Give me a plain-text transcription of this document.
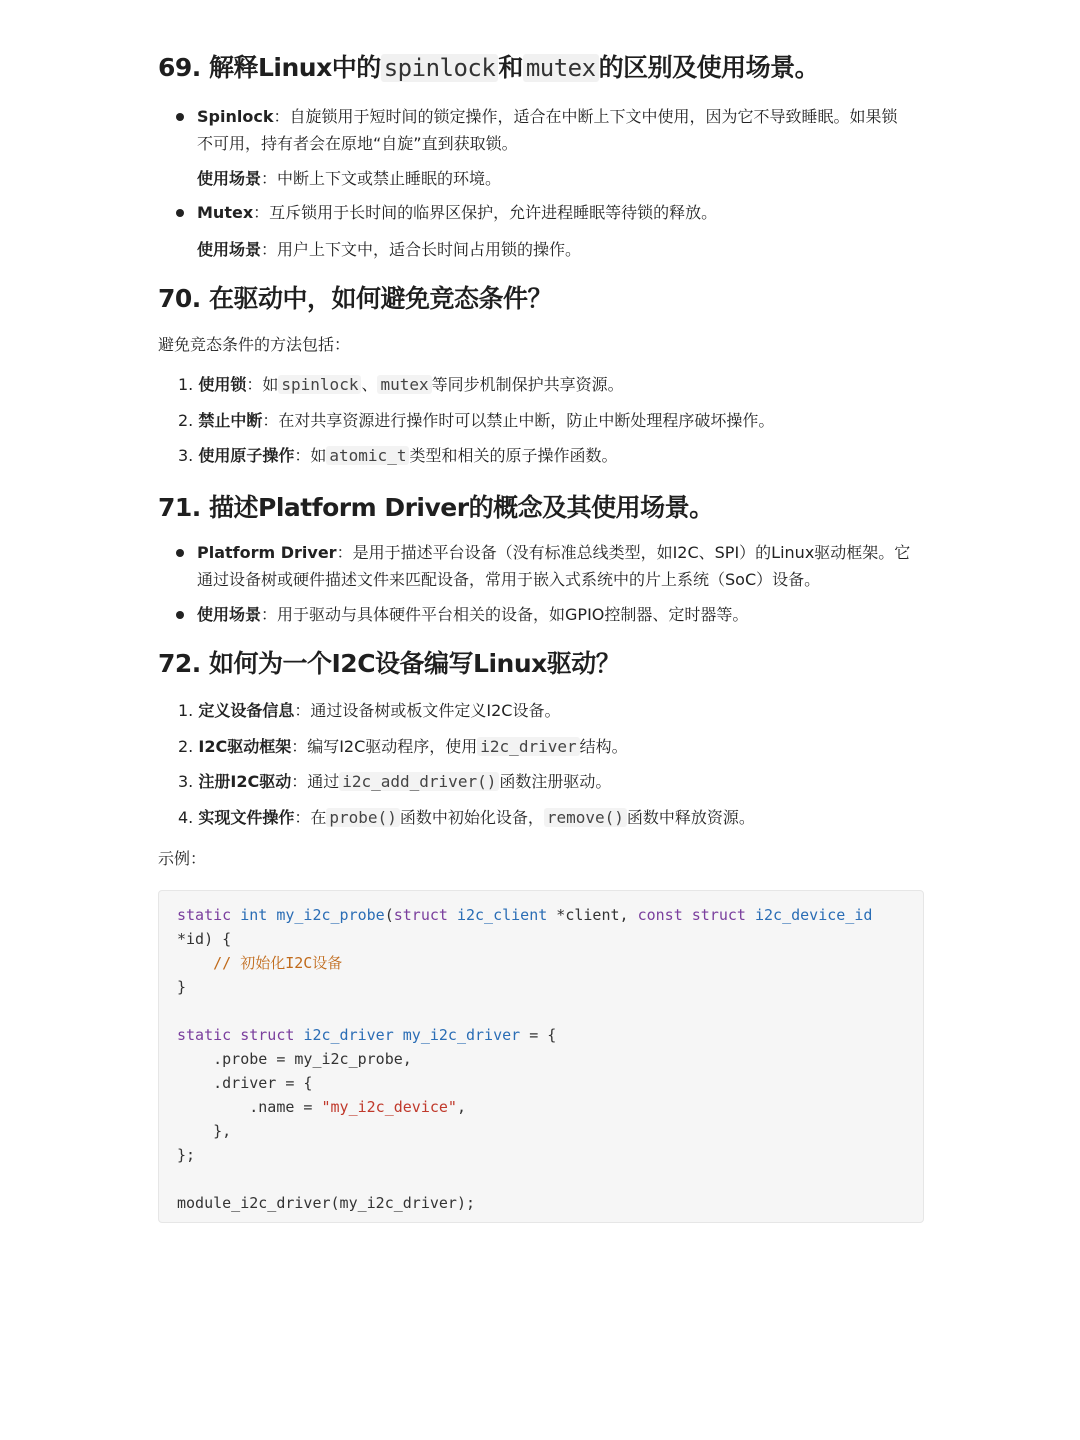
69. 解释Linux中的 spinlock 和 mutex 的区别及使用场景。
Spinlock：自旋锁用于短时间的锁定操作，适合在中断上下文中使用，因为它不导致睡眠。如果锁
不可用，持有者会在原地“自旋”直到获取锁。
使用场景：中断上下文或禁止睡眠的环境。
Mutex：互斥锁用于长时间的临界区保护，允许进程睡眠等待锁的释放。
使用场景：用户上下文中，适合长时间占用锁的操作。
70. 在驱动中，如何避免竞态条件？
避免竞态条件的方法包括：
1. 使用锁：如 spinlock 、 mutex 等同步机制保护共享资源。
2. 禁止中断：在对共享资源进行操作时可以禁止中断，防止中断处理程序破坏操作。
3. 使用原子操作：如 atomic_t 类型和相关的原子操作函数。
71. 描述Platform Driver的概念及其使用场景。
Platform Driver：是用于描述平台设备（没有标准总线类型，如I2C、SPI）的Linux驱动框架。它
通过设备树或硬件描述文件来匹配设备，常用于嵌入式系统中的片上系统（SoC）设备。
使用场景：用于驱动与具体硬件平台相关的设备，如GPIO控制器、定时器等。
72. 如何为一个I2C设备编写Linux驱动？
1. 定义设备信息：通过设备树或板文件定义I2C设备。
2. I2C驱动框架：编写I2C驱动程序，使用 i2c_driver 结构。
3. 注册I2C驱动：通过 i2c_add_driver() 函数注册驱动。
4. 实现文件操作：在 probe() 函数中初始化设备， remove() 函数中释放资源。
示例：
static int my_i2c_probe(struct i2c_client *client, const struct i2c_device_id
*id) {
// 初始化I2C设备
}

static struct i2c_driver my_i2c_driver = {
.probe = my_i2c_probe,
.driver = {
.name = "my_i2c_device",
},
};

module_i2c_driver(my_i2c_driver);
